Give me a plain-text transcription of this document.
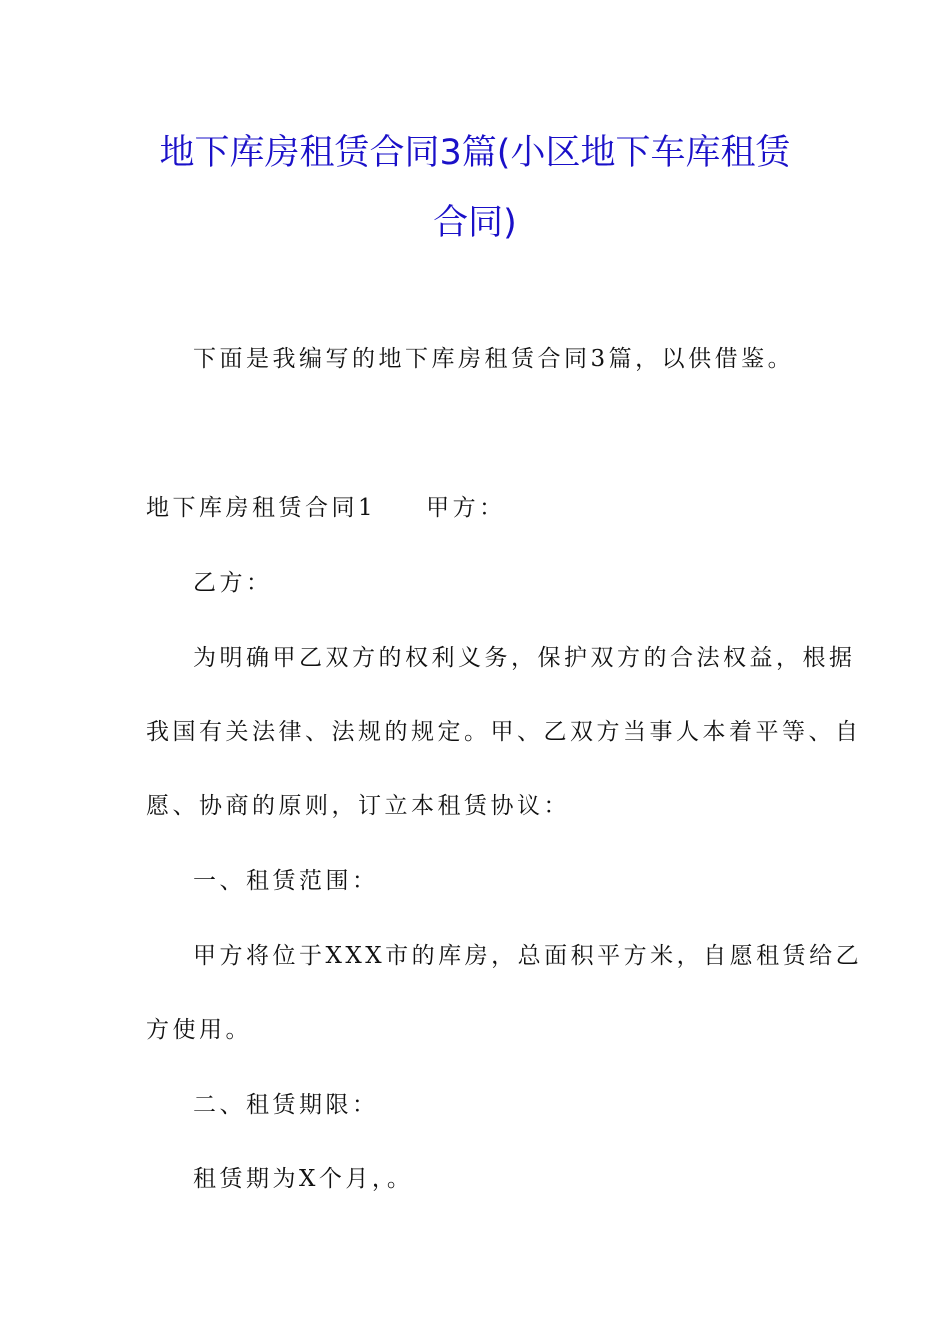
地下库房租赁合同3篇(小区地下车库租赁
合同)

下面是我编写的地下库房租赁合同3篇，以供借鉴。

地下库房租赁合同1 甲方：

乙方：

为明确甲乙双方的权利义务，保护双方的合法权益，根据

我国有关法律、法规的规定。甲、乙双方当事人本着平等、自

愿、协商的原则，订立本租赁协议：

一、租赁范围：

甲方将位于XXX市的库房，总面积平方米，自愿租赁给乙

方使用。

二、租赁期限：

租赁期为X个月，。
